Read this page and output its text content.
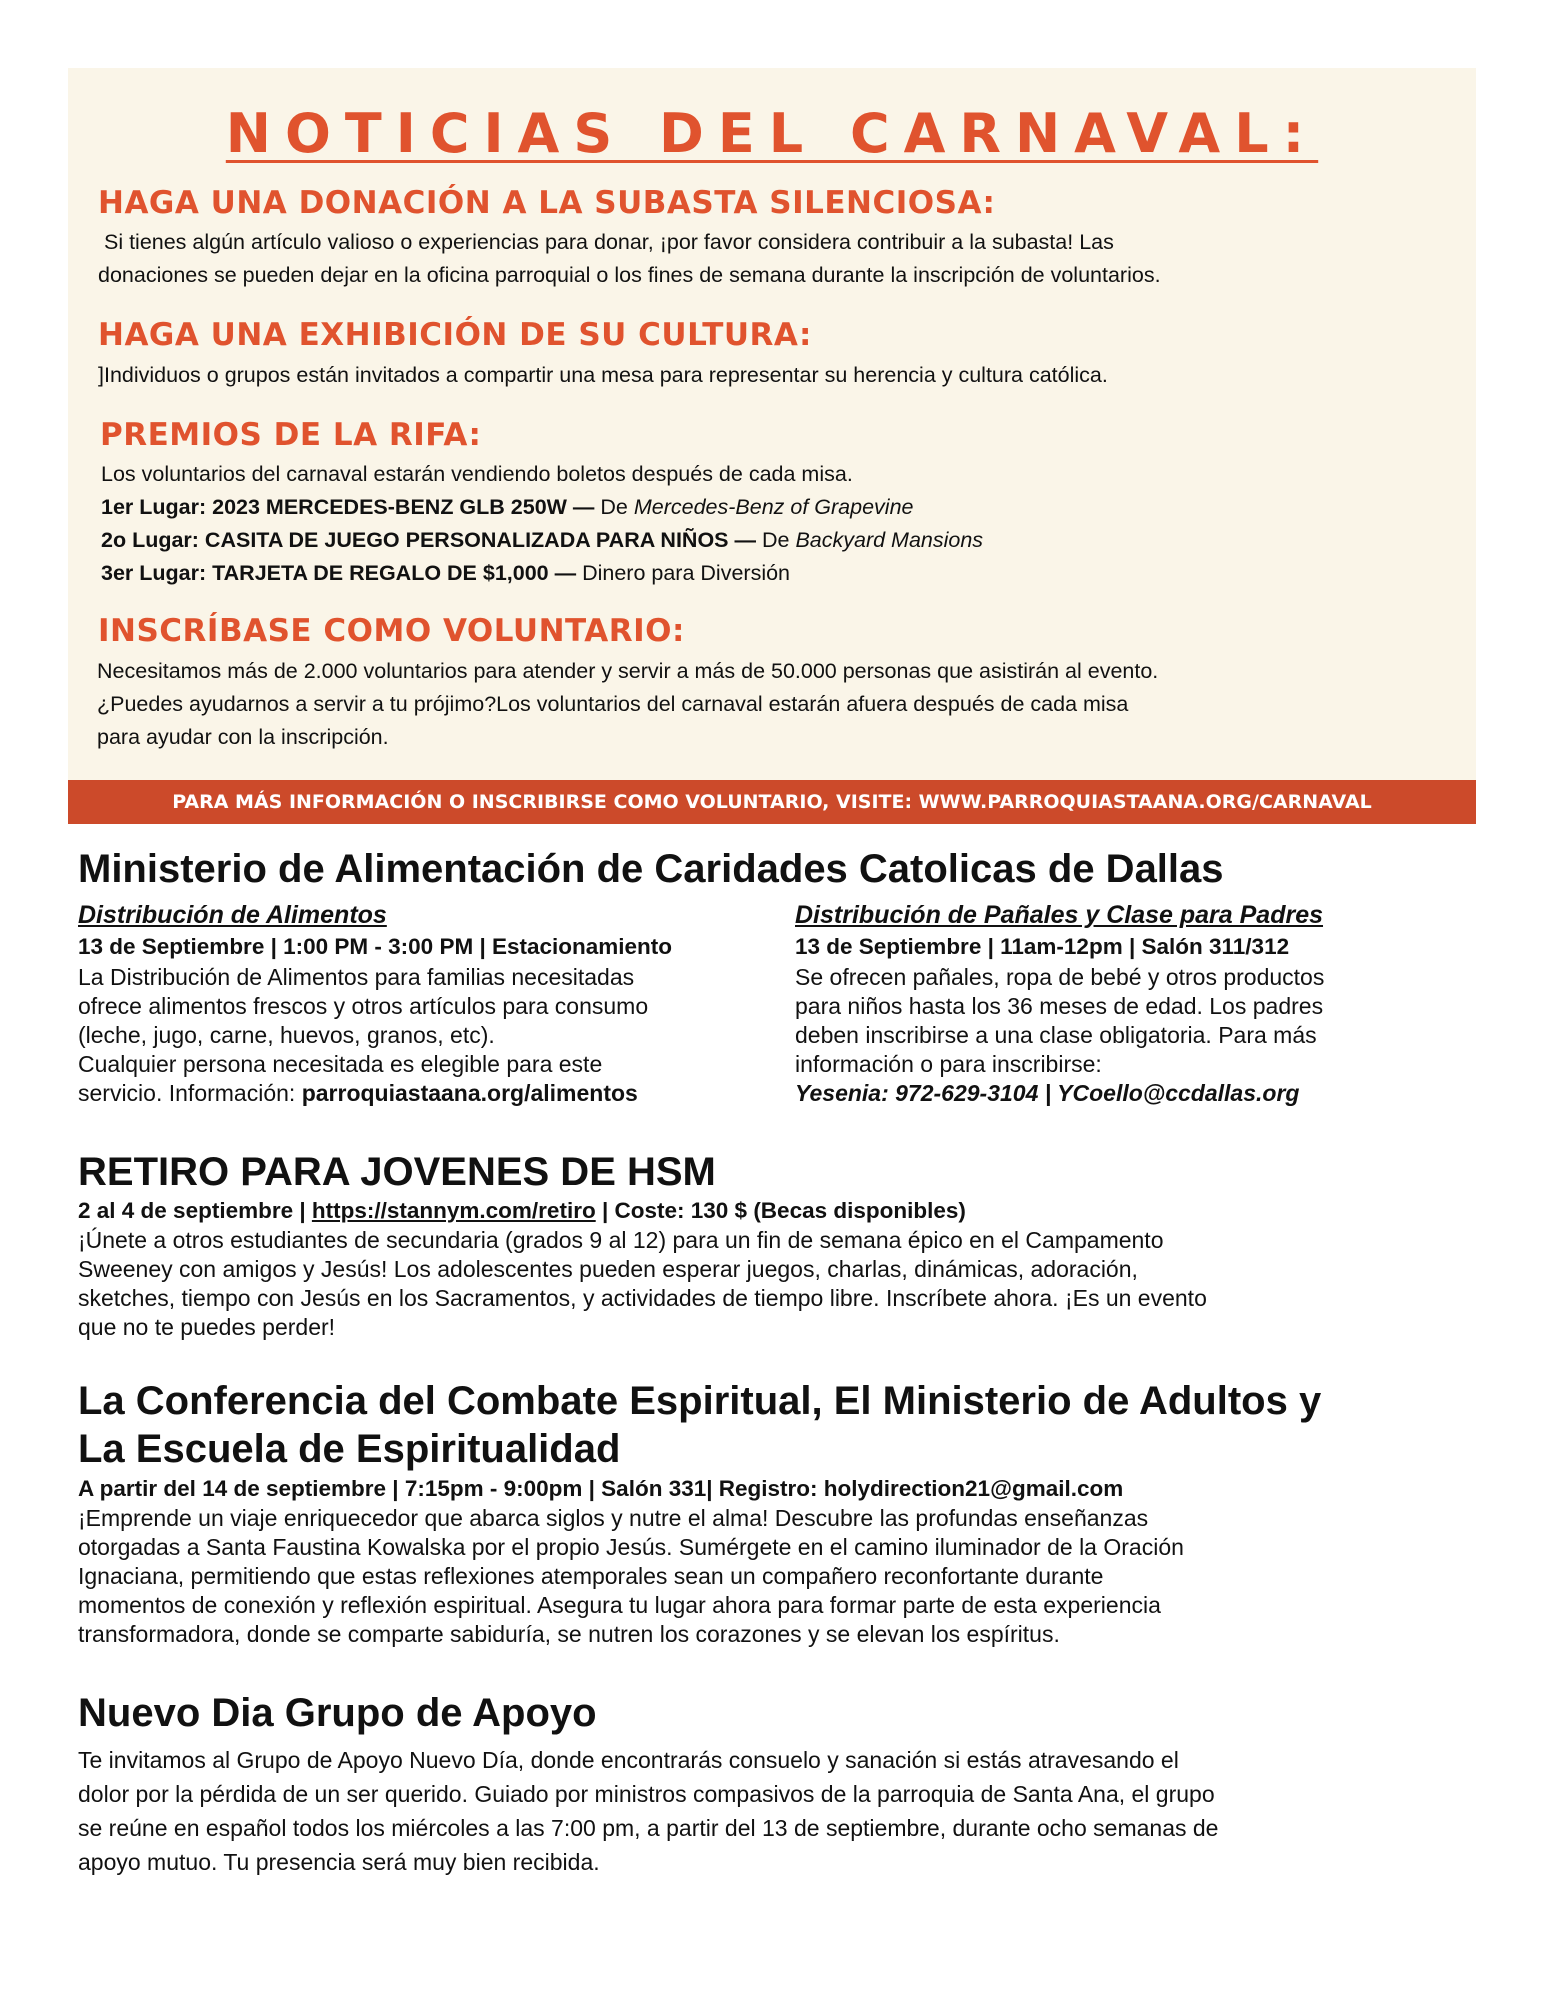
NOTICIAS DEL CARNAVAL:
HAGA UNA DONACIÓN A LA SUBASTA SILENCIOSA:

Si tienes algún artículo valioso o experiencias para donar, ¡por favor considera contribuir a la subasta! Las

donaciones se pueden dejar en la oficina parroquial o los fines de semana durante la inscripción de voluntarios.

HAGA UNA EXHIBICIÓN DE SU CULTURA:

]Individuos o grupos están invitados a compartir una mesa para representar su herencia y cultura católica.

PREMIOS DE LA RIFA:

Los voluntarios del carnaval estarán vendiendo boletos después de cada misa.

1er Lugar: 2023 MERCEDES-BENZ GLB 250W — De Mercedes-Benz of Grapevine

2o Lugar: CASITA DE JUEGO PERSONALIZADA PARA NIÑOS — De Backyard Mansions

3er Lugar: TARJETA DE REGALO DE $1,000 — Dinero para Diversión

INSCRÍBASE COMO VOLUNTARIO:

Necesitamos más de 2.000 voluntarios para atender y servir a más de 50.000 personas que asistirán al evento.

¿Puedes ayudarnos a servir a tu prójimo?Los voluntarios del carnaval estarán afuera después de cada misa

para ayudar con la inscripción.

PARA MÁS INFORMACIÓN O INSCRIBIRSE COMO VOLUNTARIO, VISITE: WWW.PARROQUIASTAANA.ORG/CARNAVAL
Ministerio de Alimentación de Caridades Catolicas de Dallas
Distribución de Alimentos
13 de Septiembre | 1:00 PM - 3:00 PM | Estacionamiento

La Distribución de Alimentos para familias necesitadas

ofrece alimentos frescos y otros artículos para consumo

(leche, jugo, carne, huevos, granos, etc).

Cualquier persona necesitada es elegible para este

servicio. Información: parroquiastaana.org/alimentos

Distribución de Pañales y Clase para Padres
13 de Septiembre | 11am-12pm | Salón 311/312

Se ofrecen pañales, ropa de bebé y otros productos

para niños hasta los 36 meses de edad. Los padres

deben inscribirse a una clase obligatoria. Para más

información o para inscribirse:

Yesenia: 972-629-3104 | YCoello@ccdallas.org

RETIRO PARA JOVENES DE HSM
2 al 4 de septiembre | https://stannym.com/retiro | Coste: 130 $ (Becas disponibles)

¡Únete a otros estudiantes de secundaria (grados 9 al 12) para un fin de semana épico en el Campamento

Sweeney con amigos y Jesús! Los adolescentes pueden esperar juegos, charlas, dinámicas, adoración,

sketches, tiempo con Jesús en los Sacramentos, y actividades de tiempo libre. Inscríbete ahora. ¡Es un evento

que no te puedes perder!

La Conferencia del Combate Espiritual, El Ministerio de Adultos y
La Escuela de Espiritualidad
A partir del 14 de septiembre | 7:15pm - 9:00pm | Salón 331| Registro: holydirection21@gmail.com

¡Emprende un viaje enriquecedor que abarca siglos y nutre el alma! Descubre las profundas enseñanzas

otorgadas a Santa Faustina Kowalska por el propio Jesús. Sumérgete en el camino iluminador de la Oración

Ignaciana, permitiendo que estas reflexiones atemporales sean un compañero reconfortante durante

momentos de conexión y reflexión espiritual. Asegura tu lugar ahora para formar parte de esta experiencia

transformadora, donde se comparte sabiduría, se nutren los corazones y se elevan los espíritus.

Nuevo Dia Grupo de Apoyo

Te invitamos al Grupo de Apoyo Nuevo Día, donde encontrarás consuelo y sanación si estás atravesando el

dolor por la pérdida de un ser querido. Guiado por ministros compasivos de la parroquia de Santa Ana, el grupo

se reúne en español todos los miércoles a las 7:00 pm, a partir del 13 de septiembre, durante ocho semanas de

apoyo mutuo. Tu presencia será muy bien recibida.
